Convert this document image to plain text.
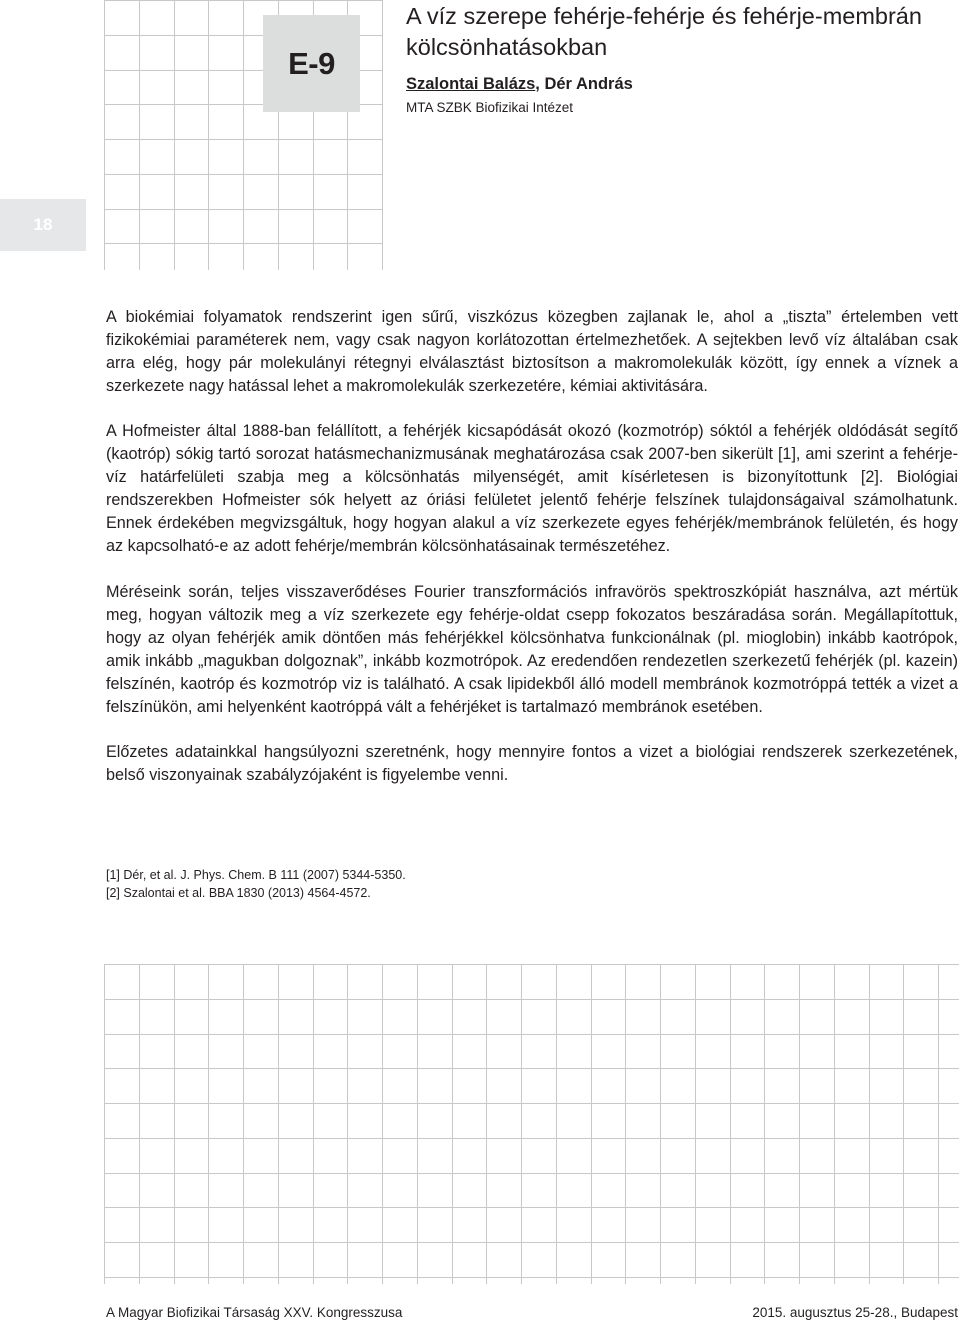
E-9
18
A víz szerepe fehérje-fehérje és fehérje-membrán kölcsönhatásokban
Szalontai Balázs, Dér András
MTA SZBK Biofizikai Intézet

A biokémiai folyamatok rendszerint igen sűrű, viszkózus közegben zajlanak le, ahol a „tiszta” értelemben vett fizikokémiai paraméterek nem, vagy csak nagyon korlátozottan értelmezhetőek. A sejtekben levő víz általában csak arra elég, hogy pár molekulányi rétegnyi elválasztást biztosítson a makromolekulák között, így ennek a víznek a szerkezete nagy hatással lehet a makromolekulák szerkezetére, kémiai aktivitására.

A Hofmeister által 1888-ban felállított, a fehérjék kicsapódását okozó (kozmotróp) sóktól a fehérjék oldódását segítő (kaotróp) sókig tartó sorozat hatásmechanizmusának meghatározása csak 2007-ben sikerült [1], ami szerint a fehérje-víz határfelületi szabja meg a kölcsönhatás milyenségét, amit kísérletesen is bizonyítottunk [2]. Biológiai rendszerekben Hofmeister sók helyett az óriási felületet jelentő fehérje felszínek tulajdonságaival számolhatunk. Ennek érdekében megvizsgáltuk, hogy hogyan alakul a víz szerkezete egyes fehérjék/membránok felületén, és hogy az kapcsolható-e az adott fehérje/membrán kölcsönhatásainak természetéhez.

Méréseink során, teljes visszaverődéses Fourier transzformációs infravörös spektroszkópiát használva, azt mértük meg, hogyan változik meg a víz szerkezete egy fehérje-oldat csepp fokozatos beszáradása során. Megállapítottuk, hogy az olyan fehérjék amik döntően más fehérjékkel kölcsönhatva funkcionálnak (pl. mioglobin) inkább kaotrópok, amik inkább „magukban dolgoznak”, inkább kozmotrópok. Az eredendően rendezetlen szerkezetű fehérjék (pl. kazein) felszínén, kaotróp és kozmotróp viz is található. A csak lipidekből álló modell membránok kozmotróppá tették a vizet a felszínükön, ami helyenként kaotróppá vált a fehérjéket is tartalmazó membránok esetében.

Előzetes adatainkkal hangsúlyozni szeretnénk, hogy mennyire fontos a vizet a biológiai rendszerek szerkezetének, belső viszonyainak szabályzójaként is figyelembe venni.

[1] Dér, et al. J. Phys. Chem. B 111 (2007) 5344-5350.
[2] Szalontai et al. BBA 1830 (2013) 4564-4572.
A Magyar Biofizikai Társaság XXV. Kongresszusa	2015. augusztus 25-28., Budapest
